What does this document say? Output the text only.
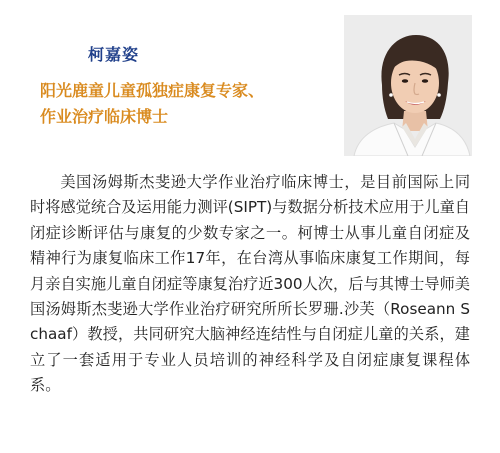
柯嘉姿
阳光鹿童儿童孤独症康复专家、
作业治疗临床博士

美国汤姆斯杰斐逊大学作业治疗临床博士，是目前国际上同时将感觉统合及运用能力测评(SIPT)与数据分析技术应用于儿童自闭症诊断评估与康复的少数专家之一。柯博士从事儿童自闭症及精神行为康复临床工作17年，在台湾从事临床康复工作期间，每月亲自实施儿童自闭症等康复治疗近300人次，后与其博士导师美国汤姆斯杰斐逊大学作业治疗研究所所长罗珊.沙芙（Roseann Schaaf）教授，共同研究大脑神经连结性与自闭症儿童的关系，建立了一套适用于专业人员培训的神经科学及自闭症康复课程体系。
